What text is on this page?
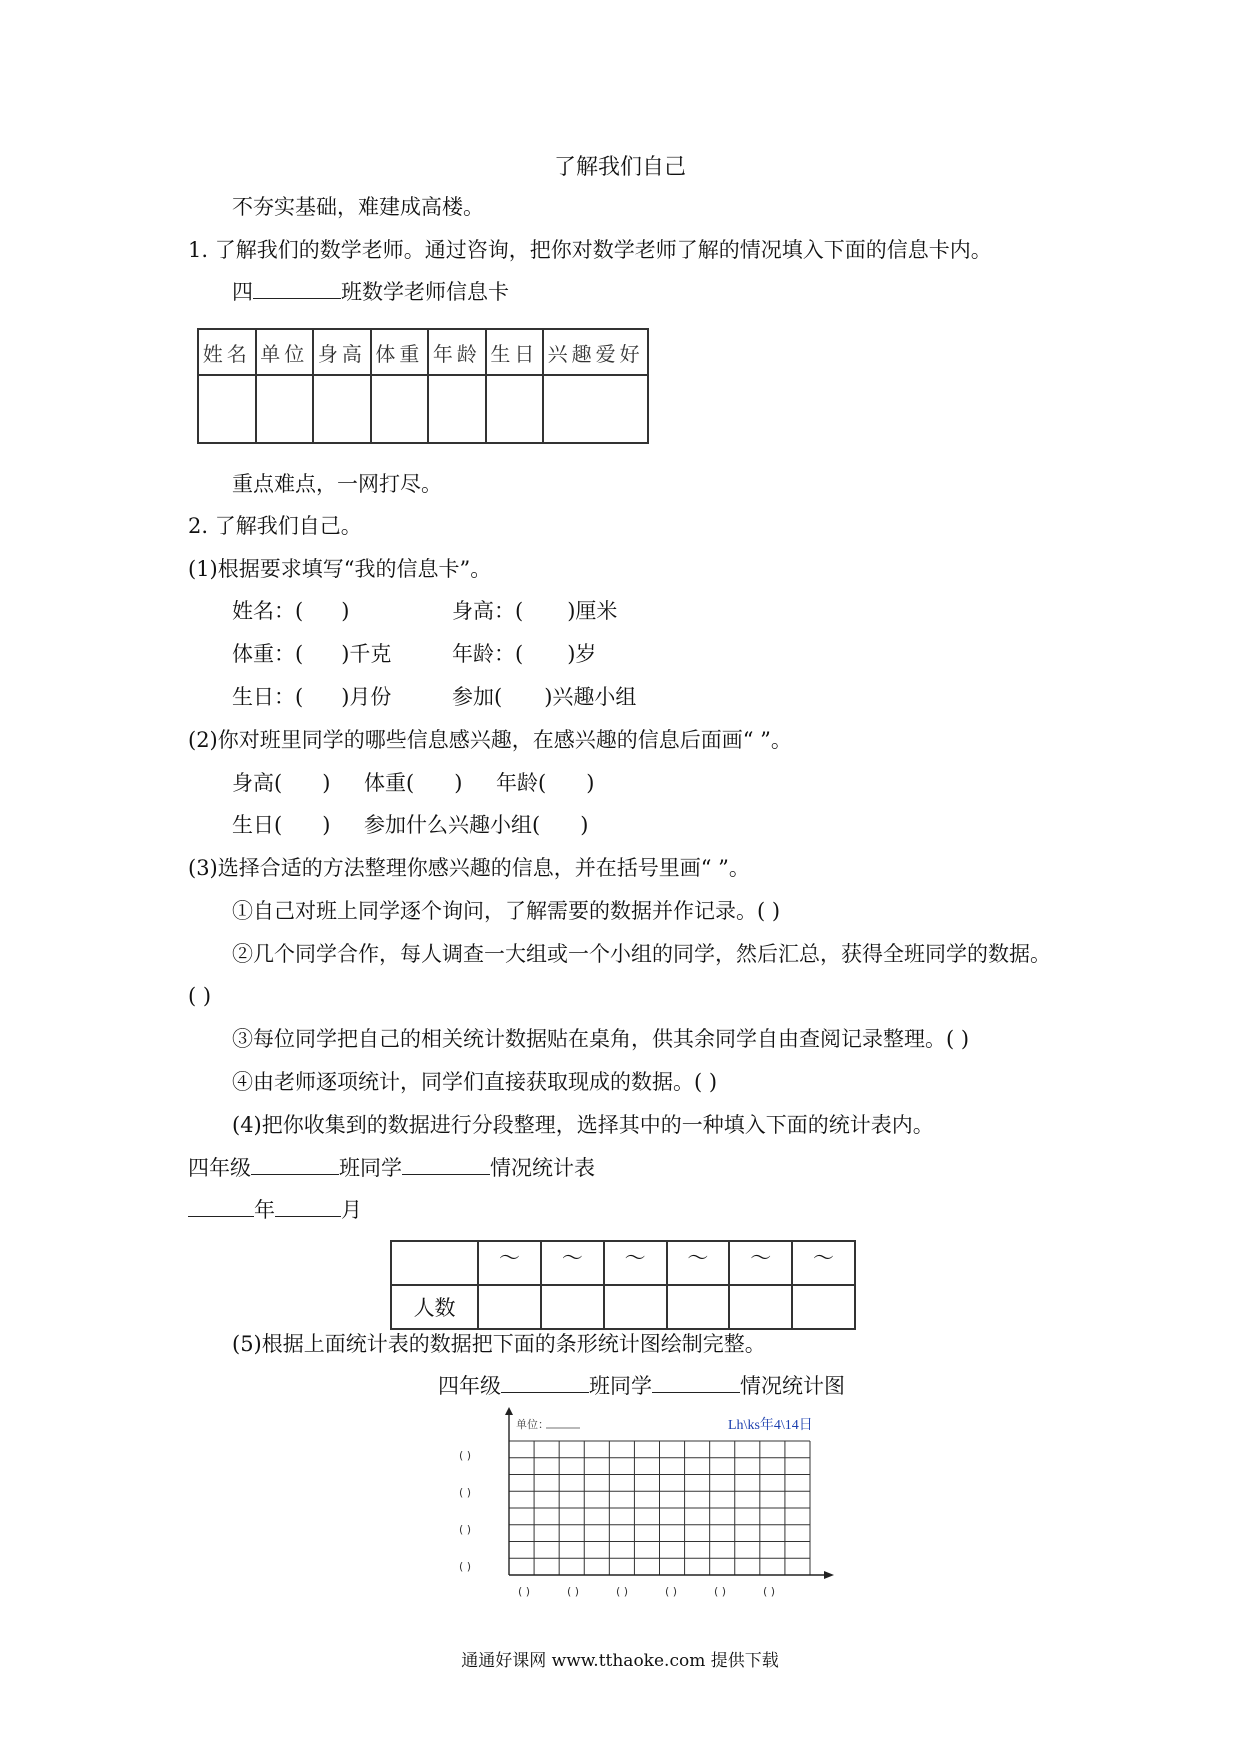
了解我们自己
不夯实基础，难建成高楼。
1. 了解我们的数学老师。通过咨询，把你对数学老师了解的情况填入下面的信息卡内。
四	班数学老师信息卡
姓名	单位	身高	体重	年龄	生日	兴趣爱好

重点难点，一网打尽。
2. 了解我们自己。
(1)根据要求填写“我的信息卡”。
姓名：( )	身高：( )厘米
体重：( )千克	年龄：( )岁
生日：( )月份	参加( )兴趣小组
(2)你对班里同学的哪些信息感兴趣，在感兴趣的信息后面画“ ”。
身高( ) 体重( ) 年龄( )
生日( ) 参加什么兴趣小组( )
(3)选择合适的方法整理你感兴趣的信息，并在括号里画“ ”。
①自己对班上同学逐个询问，了解需要的数据并作记录。( )
②几个同学合作，每人调查一大组或一个小组的同学，然后汇总，获得全班同学的数据。
( )
③每位同学把自己的相关统计数据贴在桌角，供其余同学自由查阅记录整理。( )
④由老师逐项统计，同学们直接获取现成的数据。( )
(4)把你收集到的数据进行分段整理，选择其中的一种填入下面的统计表内。
四年级	班同学	情况统计表
年	月
	～	～	～	～	～	～
人数						
(5)根据上面统计表的数据把下面的条形统计图绘制完整。
四年级	班同学	情况统计图
单位：	Lh\ks年4\14日
( )
( )
( )
( )
( )	( )	( )	( )	( )	( )
通通好课网 www.tthaoke.com 提供下载
